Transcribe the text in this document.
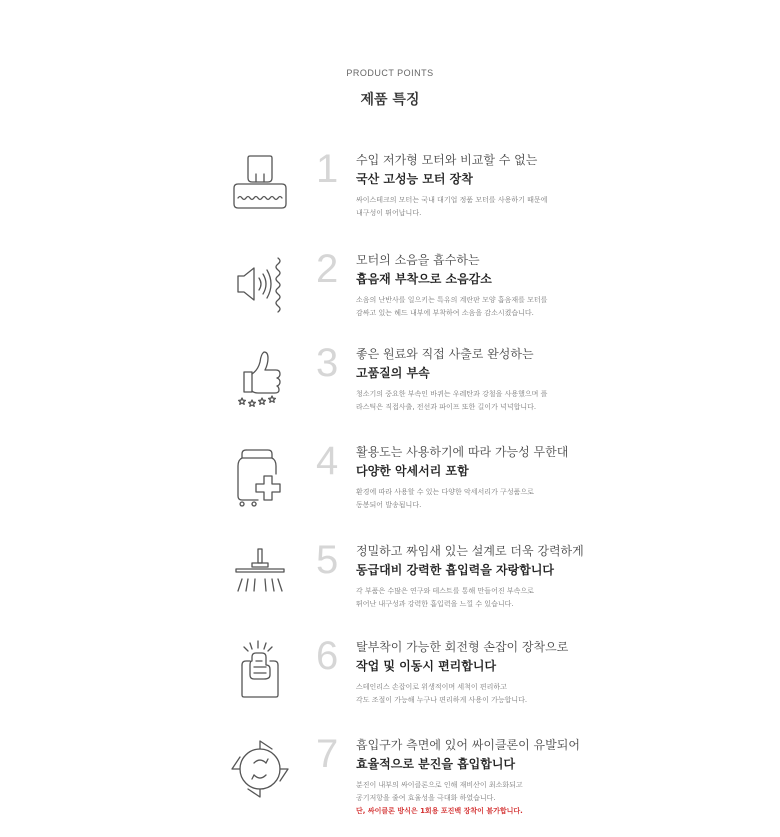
PRODUCT POINTS
제품 특징
1 수입 저가형 모터와 비교할 수 없는

국산 고성능 모터 장착

싸이스테크의 모터는 국내 대기업 정품 모터를 사용하기 때문에

내구성이 뛰어납니다.

2 모터의 소음을 흡수하는

흡음재 부착으로 소음감소

소음의 난반사를 일으키는 특유의 계란판 모양 흡음재를 모터를

감싸고 있는 헤드 내부에 부착하여 소음을 감소시켰습니다.

3 좋은 원료와 직접 사출로 완성하는

고품질의 부속

청소기의 중요한 부속인 바퀴는 우레탄과 강철을 사용했으며 플

라스틱은 직접사출, 전선과 파이프 또한 길이가 넉넉합니다.

4 활용도는 사용하기에 따라 가능성 무한대

다양한 악세서리 포함

환경에 따라 사용할 수 있는 다양한 악세서리가 구성품으로

동봉되어 발송됩니다.

5 정밀하고 짜임새 있는 설계로 더욱 강력하게

동급대비 강력한 흡입력을 자랑합니다

각 부품은 수많은 연구와 테스트를 통해 만들어진 부속으로

뛰어난 내구성과 강력한 흡입력을 느낄 수 있습니다.

6 탈부착이 가능한 회전형 손잡이 장착으로

작업 및 이동시 편리합니다

스테인리스 손잡이로 위생적이며 세척이 편리하고

각도 조절이 가능해 누구나 편리하게 사용이 가능합니다.

7 흡입구가 측면에 있어 싸이클론이 유발되어

효율적으로 분진을 흡입합니다

분진이 내부의 싸이클론으로 인해 재비산이 최소화되고

공기저항을 줄여 효율성을 극대화 하였습니다.

단, 싸이클론 방식은 1회용 포진백 장착이 불가합니다.
